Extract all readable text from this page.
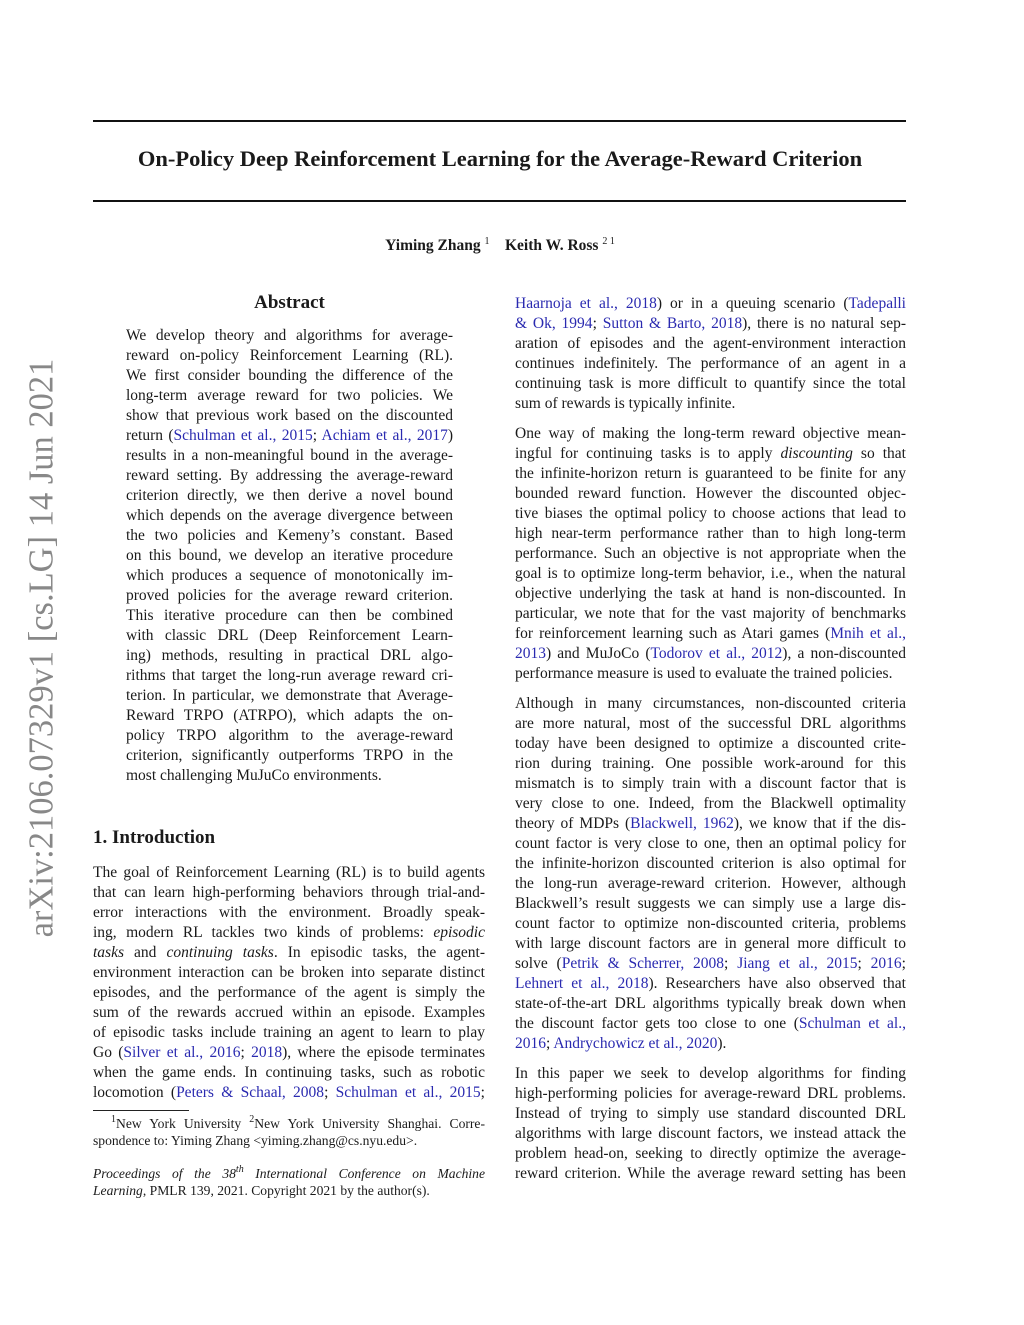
On-Policy Deep Reinforcement Learning for the Average-Reward Criterion
Yiming Zhang $^1$ Keith W. Ross $^{2 1}$
arXiv:2106.07329v1 [cs.LG] 14 Jun 2021
Abstract
We develop theory and algorithms for average-
reward on-policy Reinforcement Learning (RL).
We first consider bounding the difference of the
long-term average reward for two policies. We
show that previous work based on the discounted
return (Schulman et al., 2015; Achiam et al., 2017)
results in a non-meaningful bound in the average-
reward setting. By addressing the average-reward
criterion directly, we then derive a novel bound
which depends on the average divergence between
the two policies and Kemeny’s constant. Based
on this bound, we develop an iterative procedure
which produces a sequence of monotonically im-
proved policies for the average reward criterion.
This iterative procedure can then be combined
with classic DRL (Deep Reinforcement Learn-
ing) methods, resulting in practical DRL algo-
rithms that target the long-run average reward cri-
terion. In particular, we demonstrate that Average-
Reward TRPO (ATRPO), which adapts the on-
policy TRPO algorithm to the average-reward
criterion, significantly outperforms TRPO in the
most challenging MuJuCo environments.
1. Introduction
The goal of Reinforcement Learning (RL) is to build agents
that can learn high-performing behaviors through trial-and-
error interactions with the environment. Broadly speak-
ing, modern RL tackles two kinds of problems: episodic
tasks and continuing tasks. In episodic tasks, the agent-
environment interaction can be broken into separate distinct
episodes, and the performance of the agent is simply the
sum of the rewards accrued within an episode. Examples
of episodic tasks include training an agent to learn to play
Go (Silver et al., 2016; 2018), where the episode terminates
when the game ends. In continuing tasks, such as robotic
locomotion (Peters & Schaal, 2008; Schulman et al., 2015;
$^1$New York University $^2$New York University Shanghai. Corre-
spondence to: Yiming Zhang <yiming.zhang@cs.nyu.edu>.
Proceedings of the 38th International Conference on Machine
Learning, PMLR 139, 2021. Copyright 2021 by the author(s).
Haarnoja et al., 2018) or in a queuing scenario (Tadepalli
& Ok, 1994; Sutton & Barto, 2018), there is no natural sep-
aration of episodes and the agent-environment interaction
continues indefinitely. The performance of an agent in a
continuing task is more difficult to quantify since the total
sum of rewards is typically infinite.
One way of making the long-term reward objective mean-
ingful for continuing tasks is to apply discounting so that
the infinite-horizon return is guaranteed to be finite for any
bounded reward function. However the discounted objec-
tive biases the optimal policy to choose actions that lead to
high near-term performance rather than to high long-term
performance. Such an objective is not appropriate when the
goal is to optimize long-term behavior, i.e., when the natural
objective underlying the task at hand is non-discounted. In
particular, we note that for the vast majority of benchmarks
for reinforcement learning such as Atari games (Mnih et al.,
2013) and MuJoCo (Todorov et al., 2012), a non-discounted
performance measure is used to evaluate the trained policies.
Although in many circumstances, non-discounted criteria
are more natural, most of the successful DRL algorithms
today have been designed to optimize a discounted crite-
rion during training. One possible work-around for this
mismatch is to simply train with a discount factor that is
very close to one. Indeed, from the Blackwell optimality
theory of MDPs (Blackwell, 1962), we know that if the dis-
count factor is very close to one, then an optimal policy for
the infinite-horizon discounted criterion is also optimal for
the long-run average-reward criterion. However, although
Blackwell’s result suggests we can simply use a large dis-
count factor to optimize non-discounted criteria, problems
with large discount factors are in general more difficult to
solve (Petrik & Scherrer, 2008; Jiang et al., 2015; 2016;
Lehnert et al., 2018). Researchers have also observed that
state-of-the-art DRL algorithms typically break down when
the discount factor gets too close to one (Schulman et al.,
2016; Andrychowicz et al., 2020).
In this paper we seek to develop algorithms for finding
high-performing policies for average-reward DRL problems.
Instead of trying to simply use standard discounted DRL
algorithms with large discount factors, we instead attack the
problem head-on, seeking to directly optimize the average-
reward criterion. While the average reward setting has been
